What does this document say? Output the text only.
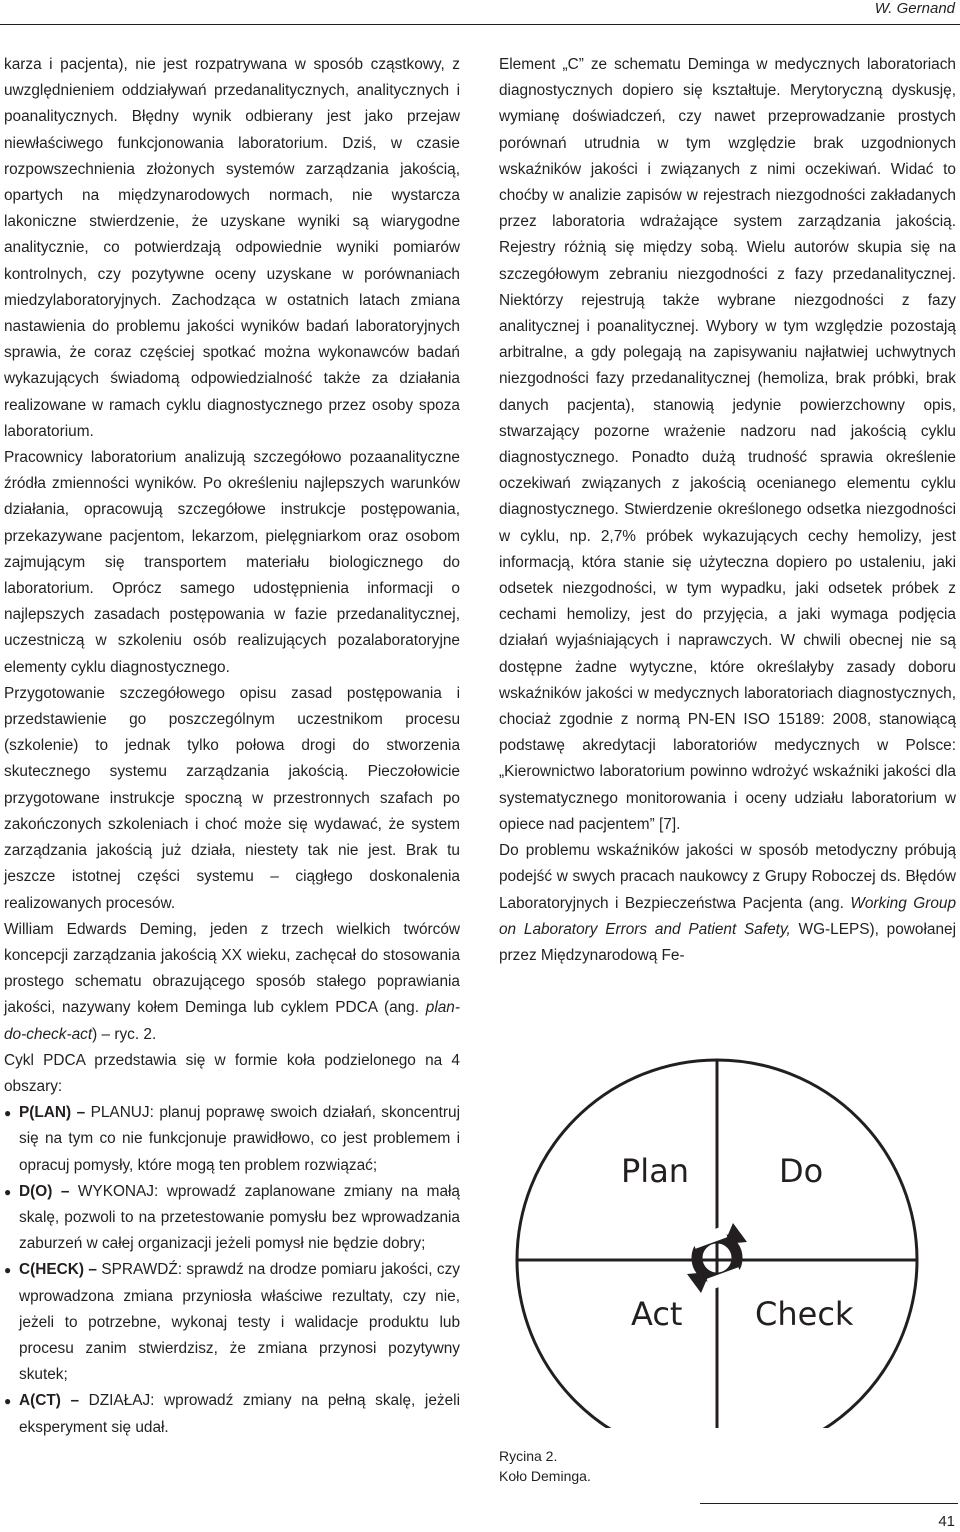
W. Gernand

karza i pacjenta), nie jest rozpatrywana w sposób cząstkowy, z uwzględnieniem oddziaływań przedanalitycznych, analitycznych i poanalitycznych. Błędny wynik odbierany jest jako przejaw niewłaściwego funkcjonowania laboratorium. Dziś, w czasie rozpowszechnienia złożonych systemów zarządzania jakością, opartych na międzynarodowych normach, nie wystarcza lakoniczne stwierdzenie, że uzyskane wyniki są wiarygodne analitycznie, co potwierdzają odpowiednie wyniki pomiarów kontrolnych, czy pozytywne oceny uzyskane w porównaniach miedzylaboratoryjnych. Zachodząca w ostatnich latach zmiana nastawienia do problemu jakości wyników badań laboratoryjnych sprawia, że coraz częściej spotkać można wykonawców badań wykazujących świadomą odpowiedzialność także za działania realizowane w ramach cyklu diagnostycznego przez osoby spoza laboratorium.

Pracownicy laboratorium analizują szczegółowo pozaanalityczne źródła zmienności wyników. Po określeniu najlepszych warunków działania, opracowują szczegółowe instrukcje postępowania, przekazywane pacjentom, lekarzom, pielęgniarkom oraz osobom zajmującym się transportem materiału biologicznego do laboratorium. Oprócz samego udostępnienia informacji o najlepszych zasadach postępowania w fazie przedanalitycznej, uczestniczą w szkoleniu osób realizujących pozalaboratoryjne elementy cyklu diagnostycznego.

Przygotowanie szczegółowego opisu zasad postępowania i przedstawienie go poszczególnym uczestnikom procesu (szkolenie) to jednak tylko połowa drogi do stworzenia skutecznego systemu zarządzania jakością. Pieczołowicie przygotowane instrukcje spoczną w przestronnych szafach po zakończonych szkoleniach i choć może się wydawać, że system zarządzania jakością już działa, niestety tak nie jest. Brak tu jeszcze istotnej części systemu – ciągłego doskonalenia realizowanych procesów.

William Edwards Deming, jeden z trzech wielkich twórców koncepcji zarządzania jakością XX wieku, zachęcał do stosowania prostego schematu obrazującego sposób stałego poprawiania jakości, nazywany kołem Deminga lub cyklem PDCA (ang. plan-do-check-act) – ryc. 2.

Cykl PDCA przedstawia się w formie koła podzielonego na 4 obszary:

● P(LAN) – PLANUJ: planuj poprawę swoich działań, skoncentruj się na tym co nie funkcjonuje prawidłowo, co jest problemem i opracuj pomysły, które mogą ten problem rozwiązać;
● D(O) – WYKONAJ: wprowadź zaplanowane zmiany na małą skalę, pozwoli to na przetestowanie pomysłu bez wprowadzania zaburzeń w całej organizacji jeżeli pomysł nie będzie dobry;
● C(HECK) – SPRAWDŹ: sprawdź na drodze pomiaru jakości, czy wprowadzona zmiana przyniosła właściwe rezultaty, czy nie, jeżeli to potrzebne, wykonaj testy i walidacje produktu lub procesu zanim stwierdzisz, że zmiana przynosi pozytywny skutek;
● A(CT) – DZIAŁAJ: wprowadź zmiany na pełną skalę, jeżeli eksperyment się udał.

Element „C” ze schematu Deminga w medycznych laboratoriach diagnostycznych dopiero się kształtuje. Merytoryczną dyskusję, wymianę doświadczeń, czy nawet przeprowadzanie prostych porównań utrudnia w tym względzie brak uzgodnionych wskaźników jakości i związanych z nimi oczekiwań. Widać to choćby w analizie zapisów w rejestrach niezgodności zakładanych przez laboratoria wdrażające system zarządzania jakością. Rejestry różnią się między sobą. Wielu autorów skupia się na szczegółowym zebraniu niezgodności z fazy przedanalitycznej. Niektórzy rejestrują także wybrane niezgodności z fazy analitycznej i poanalitycznej. Wybory w tym względzie pozostają arbitralne, a gdy polegają na zapisywaniu najłatwiej uchwytnych niezgodności fazy przedanalitycznej (hemoliza, brak próbki, brak danych pacjenta), stanowią jedynie powierzchowny opis, stwarzający pozorne wrażenie nadzoru nad jakością cyklu diagnostycznego. Ponadto dużą trudność sprawia określenie oczekiwań związanych z jakością ocenianego elementu cyklu diagnostycznego. Stwierdzenie określonego odsetka niezgodności w cyklu, np. 2,7% próbek wykazujących cechy hemolizy, jest informacją, która stanie się użyteczna dopiero po ustaleniu, jaki odsetek niezgodności, w tym wypadku, jaki odsetek próbek z cechami hemolizy, jest do przyjęcia, a jaki wymaga podjęcia działań wyjaśniających i naprawczych. W chwili obecnej nie są dostępne żadne wytyczne, które określałyby zasady doboru wskaźników jakości w medycznych laboratoriach diagnostycznych, chociaż zgodnie z normą PN-EN ISO 15189: 2008, stanowiącą podstawę akredytacji laboratoriów medycznych w Polsce: „Kierownictwo laboratorium powinno wdrożyć wskaźniki jakości dla systematycznego monitorowania i oceny udziału laboratorium w opiece nad pacjentem” [7].

Do problemu wskaźników jakości w sposób metodyczny próbują podejść w swych pracach naukowcy z Grupy Roboczej ds. Błędów Laboratoryjnych i Bezpieczeństwa Pacjenta (ang. Working Group on Laboratory Errors and Patient Safety, WG-LEPS), powołanej przez Międzynarodową Fe-

Plan	Do
Act Check
Rycina 2.
Koło Deminga.
41
